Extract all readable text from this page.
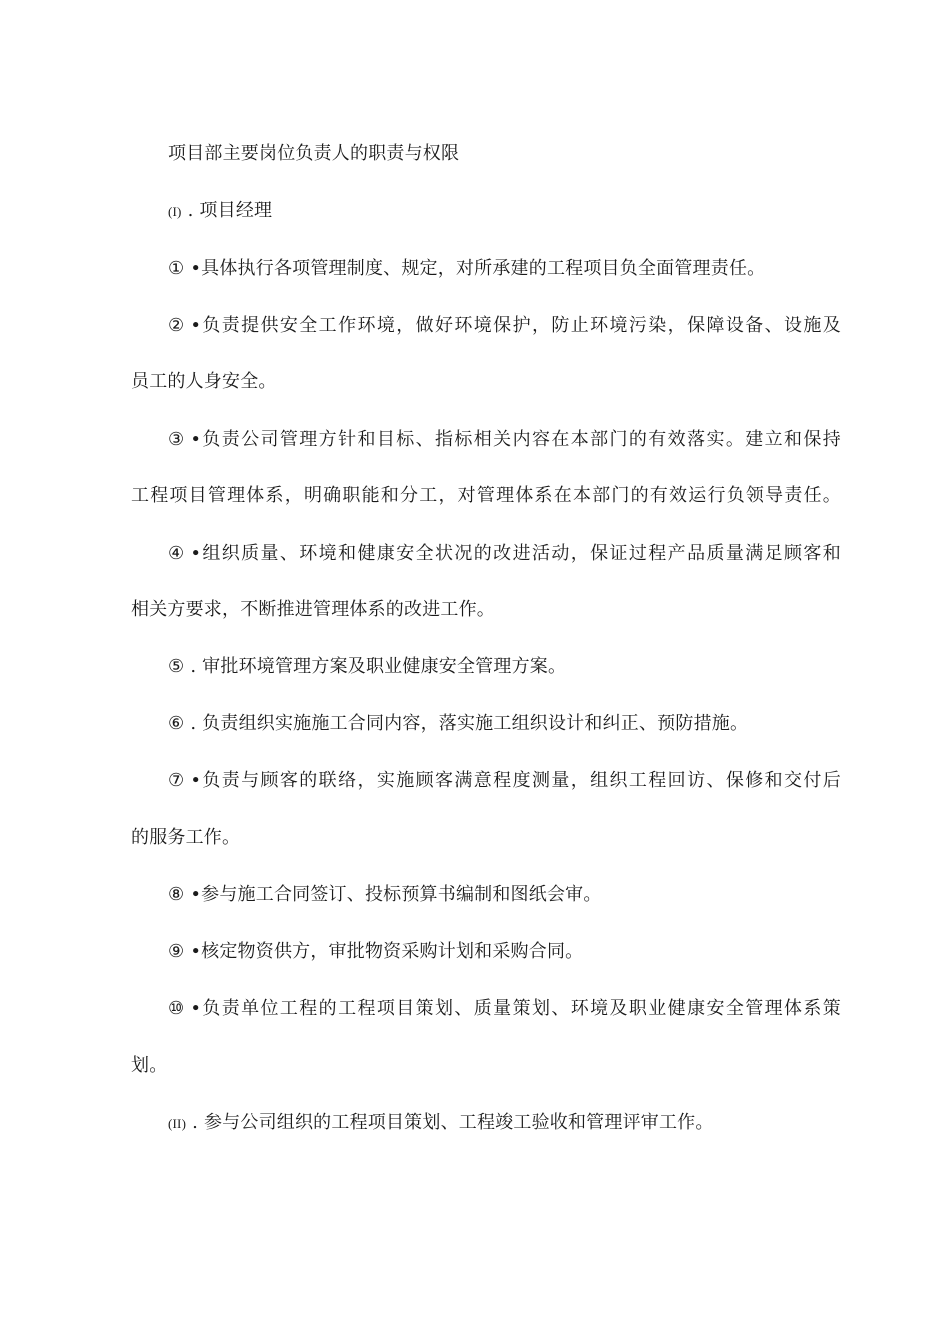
项目部主要岗位负责人的职责与权限
(I) . 项目经理
① •具体执行各项管理制度、规定，对所承建的工程项目负全面管理责任。
② •负责提供安全工作环境，做好环境保护，防止环境污染，保障设备、设施及
员工的人身安全。
③ •负责公司管理方针和目标、指标相关内容在本部门的有效落实。建立和保持
工程项目管理体系，明确职能和分工，对管理体系在本部门的有效运行负领导责任。
④ •组织质量、环境和健康安全状况的改进活动，保证过程产品质量满足顾客和
相关方要求，不断推进管理体系的改进工作。
⑤ . 审批环境管理方案及职业健康安全管理方案。
⑥ . 负责组织实施施工合同内容，落实施工组织设计和纠正、预防措施。
⑦ •负责与顾客的联络，实施顾客满意程度测量，组织工程回访、保修和交付后
的服务工作。
⑧ •参与施工合同签订、投标预算书编制和图纸会审。
⑨ •核定物资供方，审批物资采购计划和采购合同。
⑩ •负责单位工程的工程项目策划、质量策划、环境及职业健康安全管理体系策
划。
(II) . 参与公司组织的工程项目策划、工程竣工验收和管理评审工作。
